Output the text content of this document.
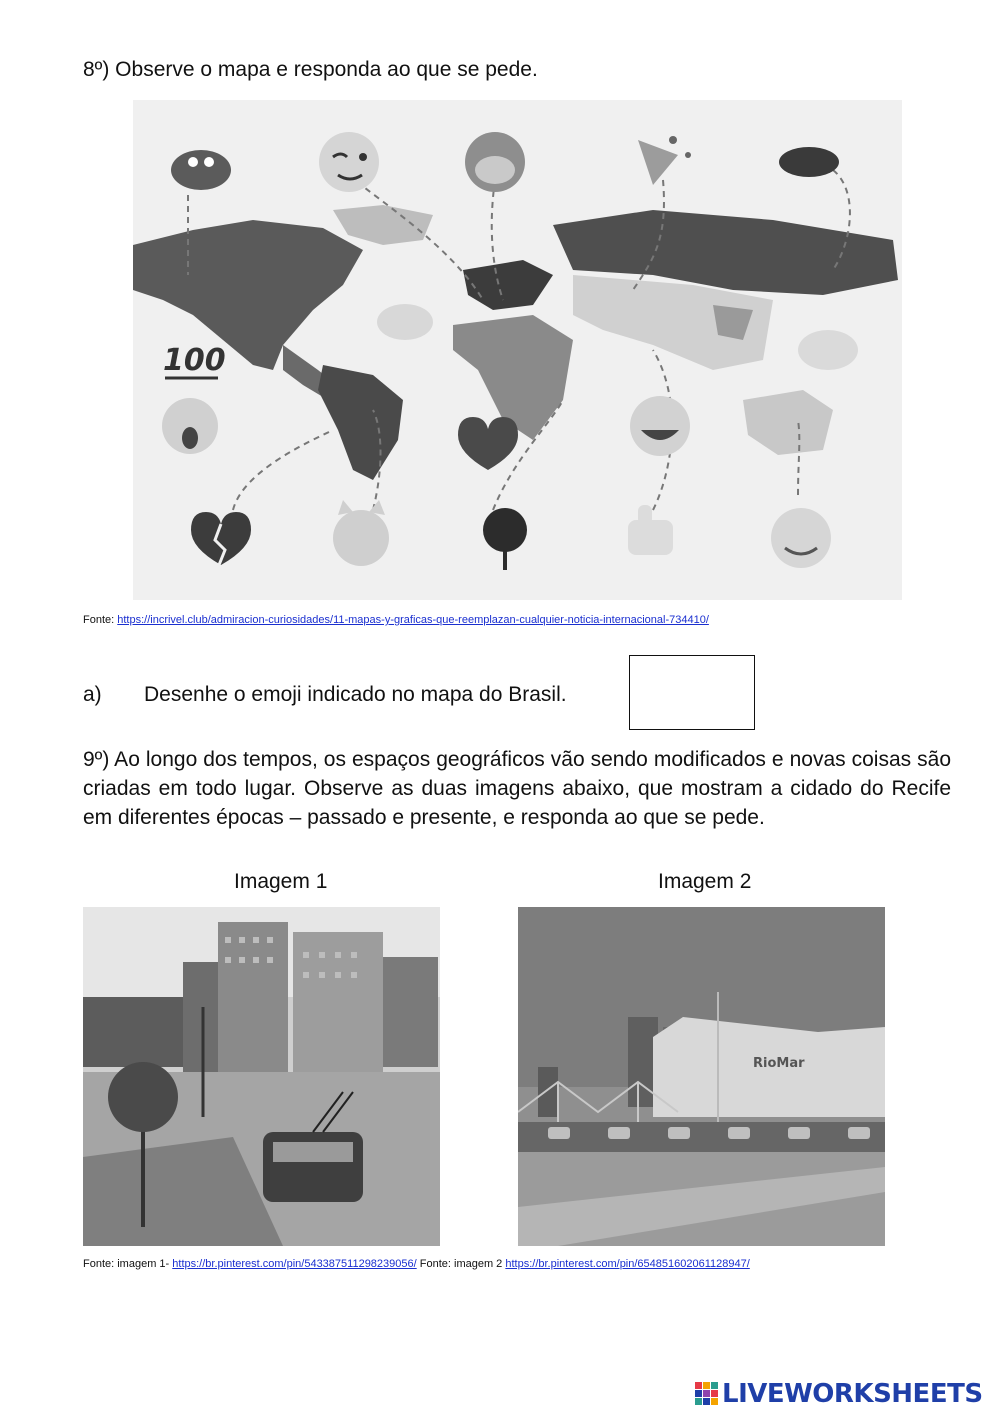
8º) Observe o mapa e responda ao que se pede.
100
Fonte: https://incrivel.club/admiracion-curiosidades/11-mapas-y-graficas-que-reemplazan-cualquier-noticia-internacional-734410/
a) Desenhe o emoji indicado no mapa do Brasil.
9º) Ao longo dos tempos, os espaços geográficos vão sendo modificados e novas coisas são criadas em todo lugar. Observe as duas imagens abaixo, que mostram a cidado do Recife em diferentes épocas – passado e presente, e responda ao que se pede.
Imagem 1	Imagem 2
RioMar
Fonte: imagem 1- https://br.pinterest.com/pin/543387511298239056/ Fonte: imagem 2 https://br.pinterest.com/pin/654851602061128947/
LIVEWORKSHEETS
